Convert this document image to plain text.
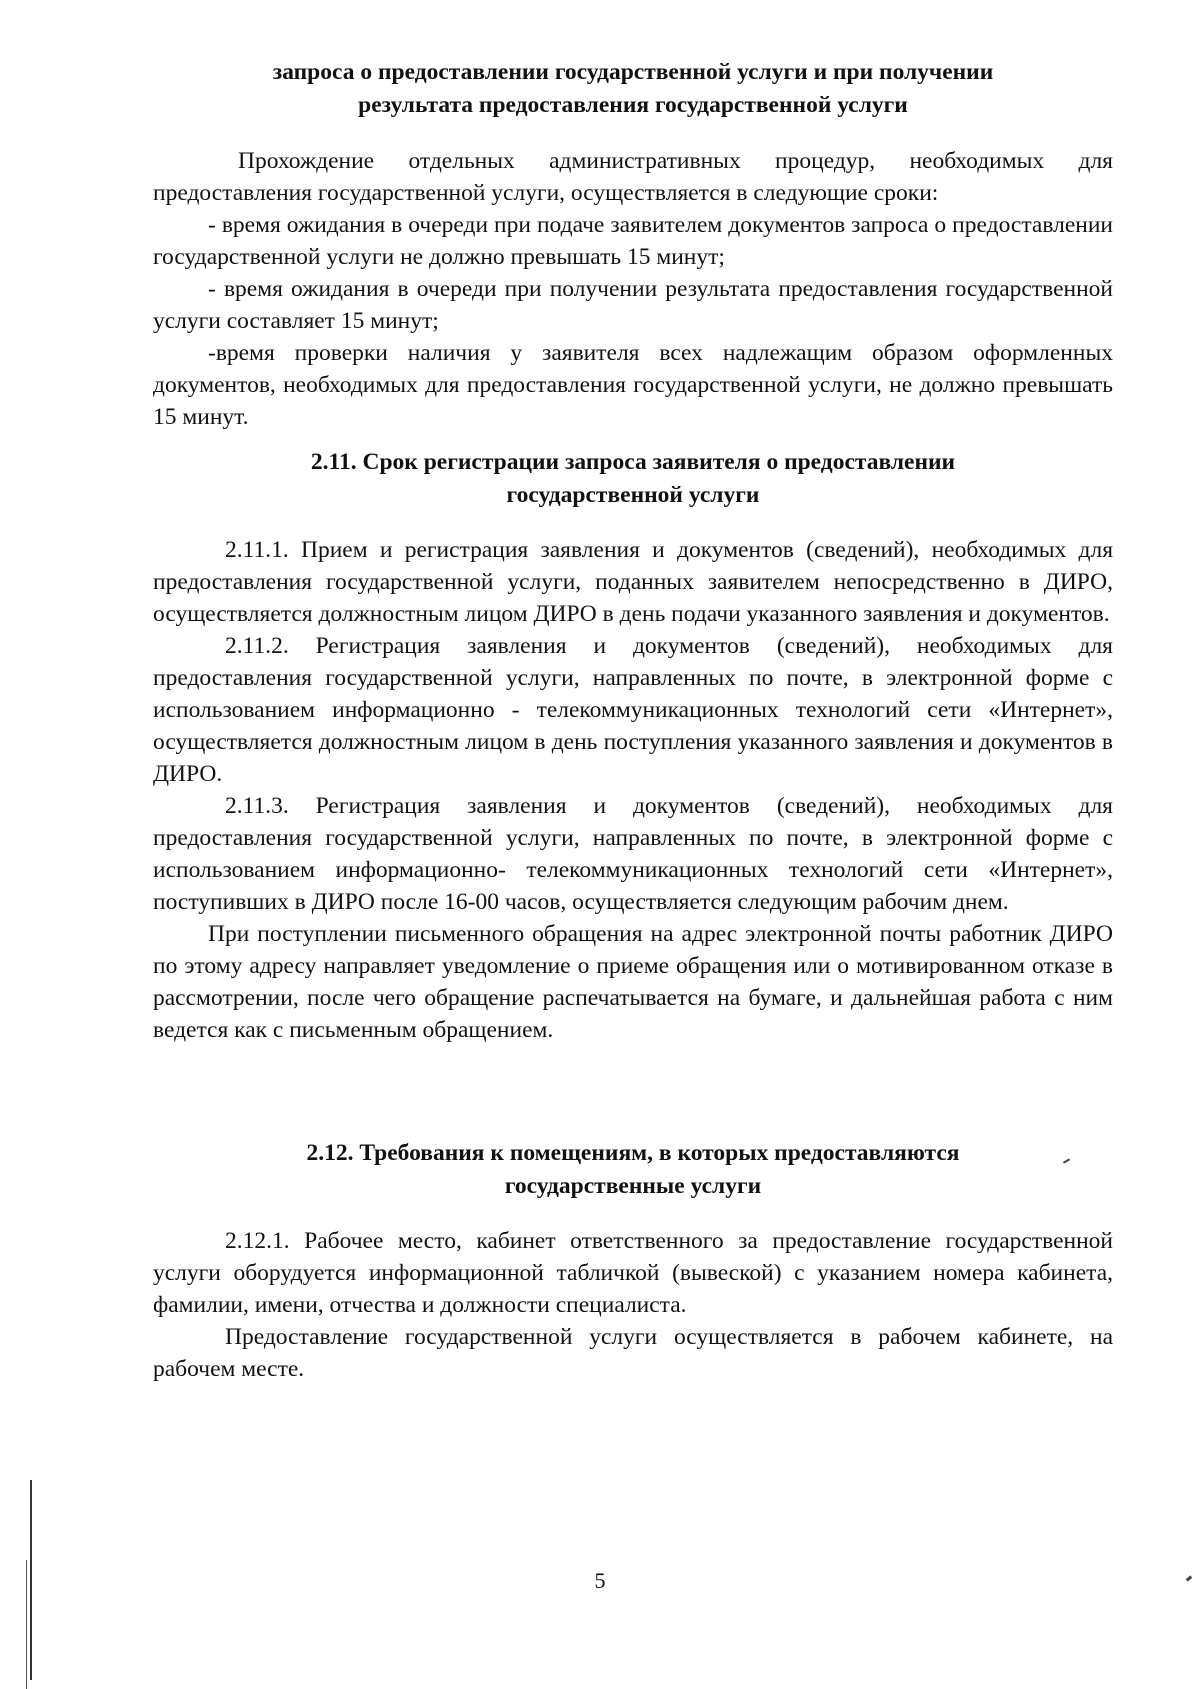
запроса о предоставлении государственной услуги и при получении
результата предоставления государственной услуги

Прохождение отдельных административных процедур, необходимых для предоставления государственной услуги, осуществляется в следующие сроки:

- время ожидания в очереди при подаче заявителем документов запроса о предоставлении государственной услуги не должно превышать 15 минут;

- время ожидания в очереди при получении результата предоставления государственной услуги составляет 15 минут;

-время проверки наличия у заявителя всех надлежащим образом оформленных документов, необходимых для предоставления государственной услуги, не должно превышать 15 минут.

2.11. Срок регистрации запроса заявителя о предоставлении
государственной услуги

2.11.1. Прием и регистрация заявления и документов (сведений), необходимых для предоставления государственной услуги, поданных заявителем непосредственно в ДИРО, осуществляется должностным лицом ДИРО в день подачи указанного заявления и документов.

2.11.2. Регистрация заявления и документов (сведений), необходимых для предоставления государственной услуги, направленных по почте, в электронной форме с использованием информационно - телекоммуникационных технологий сети «Интернет», осуществляется должностным лицом в день поступления указанного заявления и документов в ДИРО.

2.11.3. Регистрация заявления и документов (сведений), необходимых для предоставления государственной услуги, направленных по почте, в электронной форме с использованием информационно- телекоммуникационных технологий сети «Интернет», поступивших в ДИРО после 16-00 часов, осуществляется следующим рабочим днем.

При поступлении письменного обращения на адрес электронной почты работник ДИРО по этому адресу направляет уведомление о приеме обращения или о мотивированном отказе в рассмотрении, после чего обращение распечатывается на бумаге, и дальнейшая работа с ним ведется как с письменным обращением.

2.12. Требования к помещениям, в которых предоставляются
государственные услуги

2.12.1. Рабочее место, кабинет ответственного за предоставление государственной услуги оборудуется информационной табличкой (вывеской) с указанием номера кабинета, фамилии, имени, отчества и должности специалиста.

Предоставление государственной услуги осуществляется в рабочем кабинете, на рабочем месте.

5
